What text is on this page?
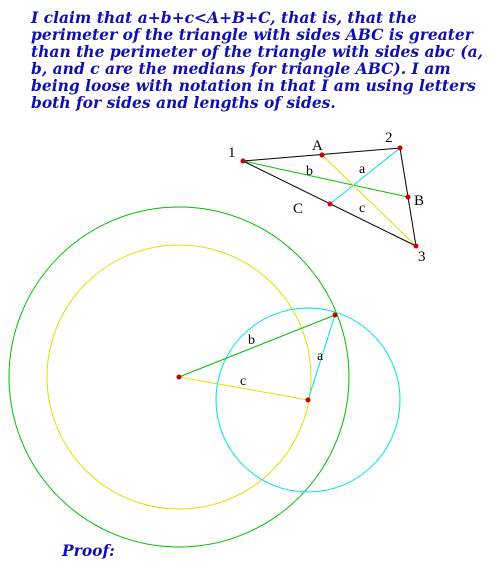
I claim that a+b+c<A+B+C, that is, that the perimeter of the triangle with sides ABC is greater than the perimeter of the triangle with sides abc (a, b, and c are the medians for triangle ABC). I am being loose with notation in that I am using letters both for sides and lengths of sides.

1
2
3
A
B
C
a
b
c
b
c
a
Proof:
